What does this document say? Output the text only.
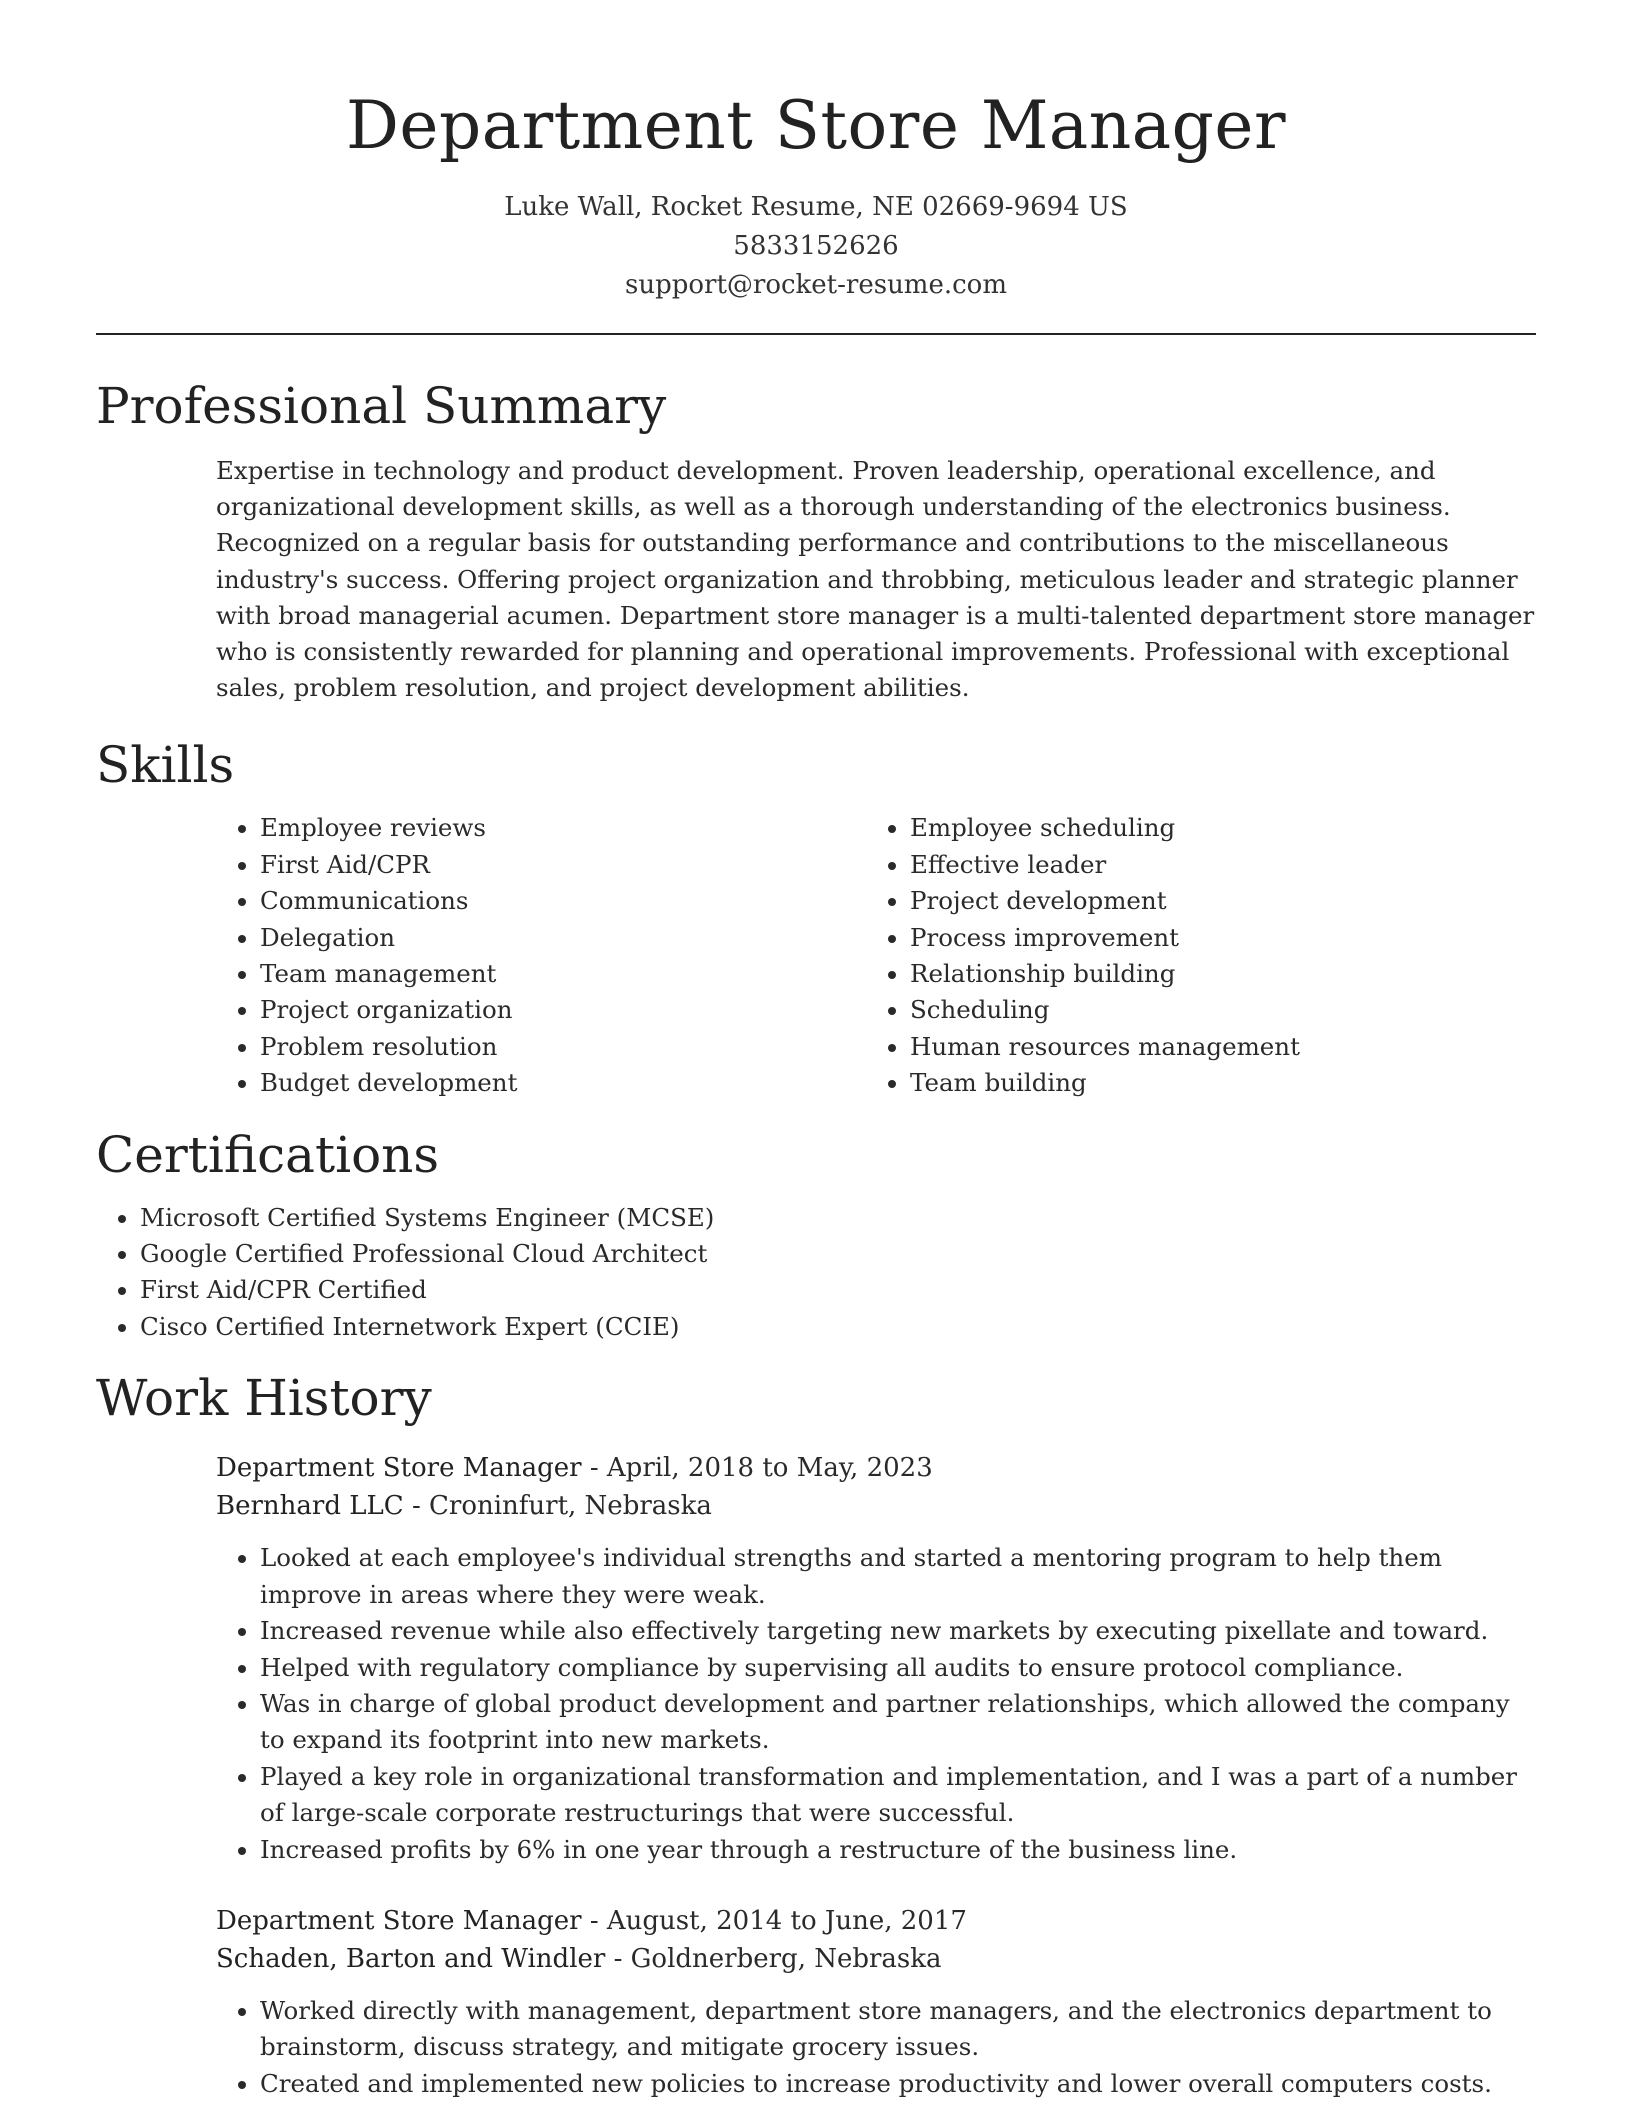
Department Store Manager
Luke Wall, Rocket Resume, NE 02669-9694 US
5833152626
support@rocket-resume.com
Professional Summary

Expertise in technology and product development. Proven leadership, operational excellence, and organizational development skills, as well as a thorough understanding of the electronics business. Recognized on a regular basis for outstanding performance and contributions to the miscellaneous industry's success. Offering project organization and throbbing, meticulous leader and strategic planner with broad managerial acumen. Department store manager is a multi-talented department store manager who is consistently rewarded for planning and operational improvements. Professional with exceptional sales, problem resolution, and project development abilities.

Skills
• Employee reviews
• First Aid/CPR
• Communications
• Delegation
• Team management
• Project organization
• Problem resolution
• Budget development
• Employee scheduling
• Effective leader
• Project development
• Process improvement
• Relationship building
• Scheduling
• Human resources management
• Team building
Certifications
• Microsoft Certified Systems Engineer (MCSE)
• Google Certified Professional Cloud Architect
• First Aid/CPR Certified
• Cisco Certified Internetwork Expert (CCIE)
Work History
Department Store Manager - April, 2018 to May, 2023
Bernhard LLC - Croninfurt, Nebraska
• Looked at each employee's individual strengths and started a mentoring program to help them improve in areas where they were weak.
• Increased revenue while also effectively targeting new markets by executing pixellate and toward.
• Helped with regulatory compliance by supervising all audits to ensure protocol compliance.
• Was in charge of global product development and partner relationships, which allowed the company to expand its footprint into new markets.
• Played a key role in organizational transformation and implementation, and I was a part of a number of large-scale corporate restructurings that were successful.
• Increased profits by 6% in one year through a restructure of the business line.
Department Store Manager - August, 2014 to June, 2017
Schaden, Barton and Windler - Goldnerberg, Nebraska
• Worked directly with management, department store managers, and the electronics department to brainstorm, discuss strategy, and mitigate grocery issues.
• Created and implemented new policies to increase productivity and lower overall computers costs.
